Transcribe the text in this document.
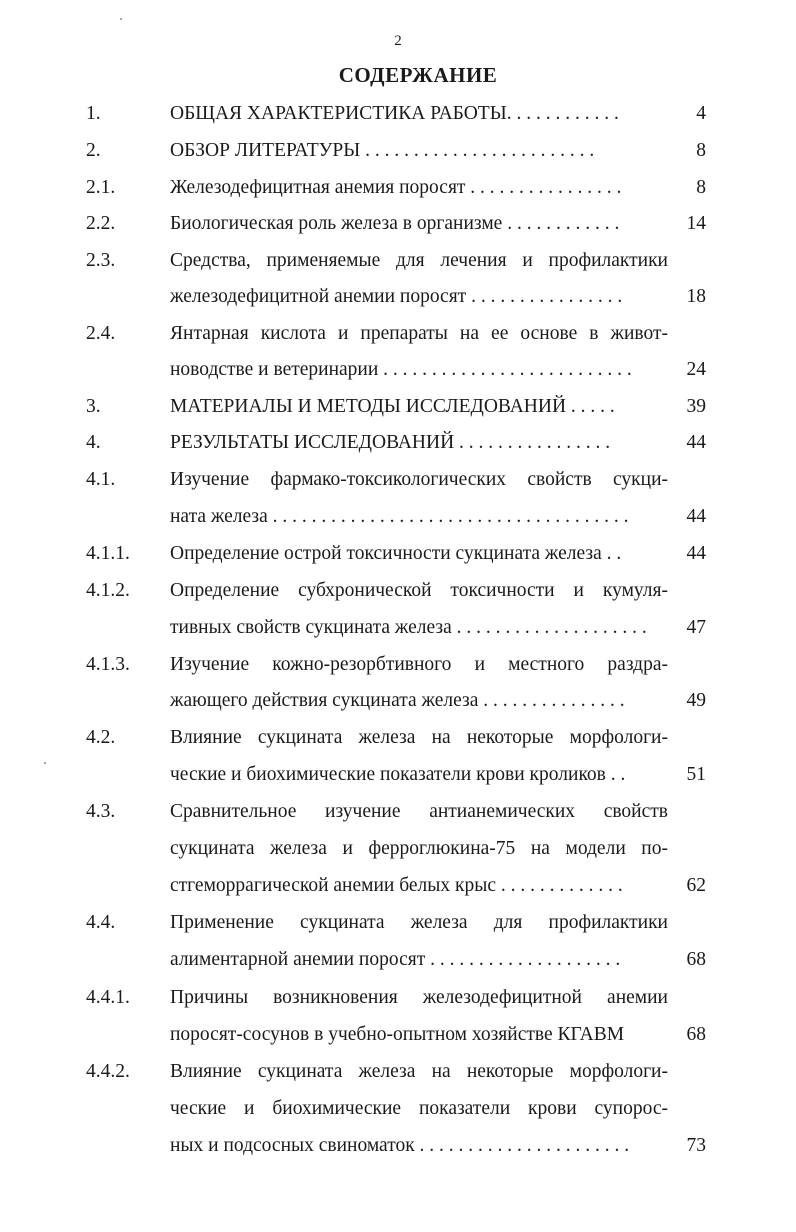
2
СОДЕРЖАНИЕ
1.	ОБЩАЯ ХАРАКТЕРИСТИКА РАБОТЫ. . . . . . . . . . . .	4
2.	ОБЗОР ЛИТЕРАТУРЫ . . . . . . . . . . . . . . . . . . . . . . . .	8
2.1.	Железодефицитная анемия поросят . . . . . . . . . . . . . . . .	8
2.2.	Биологическая роль железа в организме . . . . . . . . . . . .	14
2.3.	Средства, применяемые для лечения и профилактики
железодефицитной анемии поросят . . . . . . . . . . . . . . . .	18
2.4.	Янтарная кислота и препараты на ее основе в живот-
новодстве и ветеринарии . . . . . . . . . . . . . . . . . . . . . . . . . .	24
3.	МАТЕРИАЛЫ И МЕТОДЫ ИССЛЕДОВАНИЙ . . . . .	39
4.	РЕЗУЛЬТАТЫ ИССЛЕДОВАНИЙ . . . . . . . . . . . . . . . .	44
4.1.	Изучение фармако-токсикологических свойств сукци-
ната железа . . . . . . . . . . . . . . . . . . . . . . . . . . . . . . . . . . . . .	44
4.1.1. Определение острой токсичности сукцината железа . .	44
4.1.2. Определение субхронической токсичности и кумуля-
тивных свойств сукцината железа . . . . . . . . . . . . . . . . . . . .	47
4.1.3. Изучение кожно-резорбтивного и местного раздра-
жающего действия сукцината железа . . . . . . . . . . . . . . .	49
4.2.	Влияние сукцината железа на некоторые морфологи-
ческие и биохимические показатели крови кроликов . .	51
4.3.	Сравнительное изучение антианемических свойств
сукцината железа и ферроглюкина-75 на модели по-
стгеморрагической анемии белых крыс . . . . . . . . . . . . .	62
4.4.	Применение сукцината железа для профилактики
алиментарной анемии поросят . . . . . . . . . . . . . . . . . . . .	68
4.4.1. Причины возникновения железодефицитной анемии
поросят-сосунов в учебно-опытном хозяйстве КГАВМ	68
4.4.2. Влияние сукцината железа на некоторые морфологи-
ческие и биохимические показатели крови супорос-
ных и подсосных свиноматок . . . . . . . . . . . . . . . . . . . . . .	73
